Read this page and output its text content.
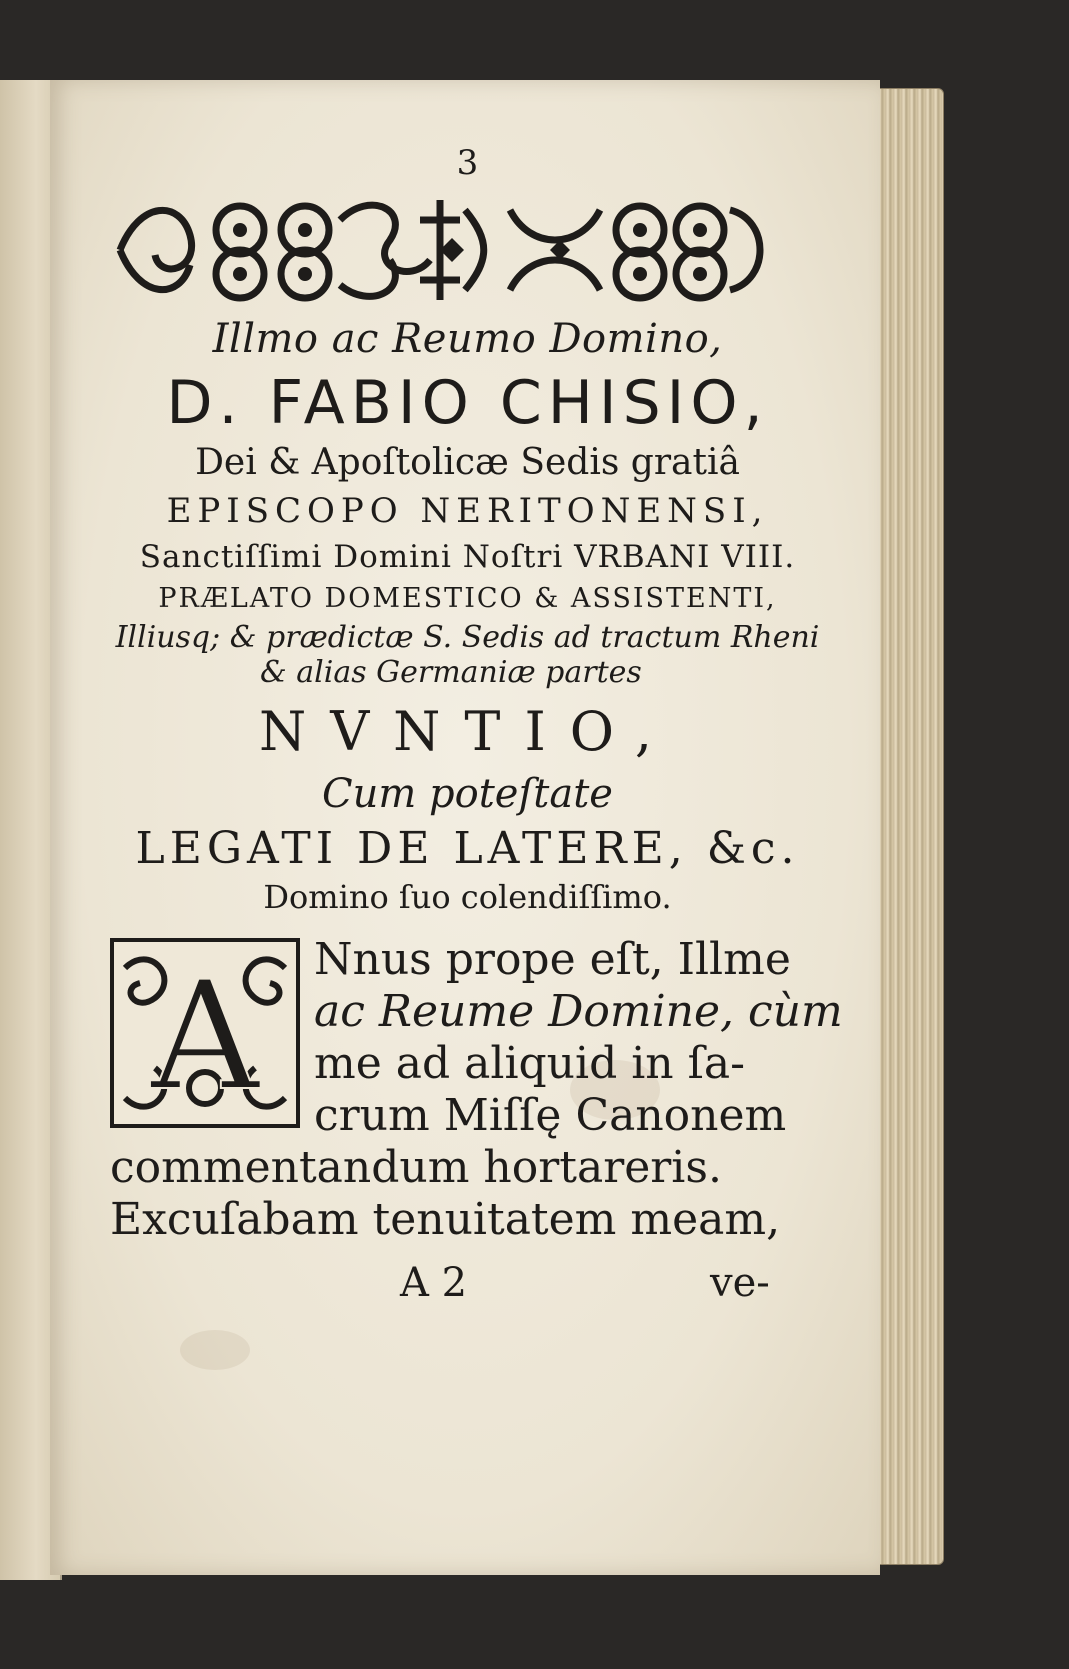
3
Illmo ac Reumo Domino,
D. FABIO CHISIO,
Dei & Apoſtolicæ Sedis gratiâ
EPISCOPO NERITONENSI,
Sanctiſſimi Domini Noſtri VRBANI VIII.
PRÆLATO DOMESTICO & ASSISTENTI,
Illiusq; & prædictæ S. Sedis ad tractum Rheni
& alias Germaniæ partes
NVNTIO,
Cum poteſtate
LEGATI DE LATERE, &c.
Domino ſuo colendiſſimo.
A	Nnus prope eſt, Illme
ac Reume Domine, cùm
me ad aliquid in ſa-
crum Miſſę Canonem
commentandum hortareris.
Excuſabam tenuitatem meam,
A 2	ve-
